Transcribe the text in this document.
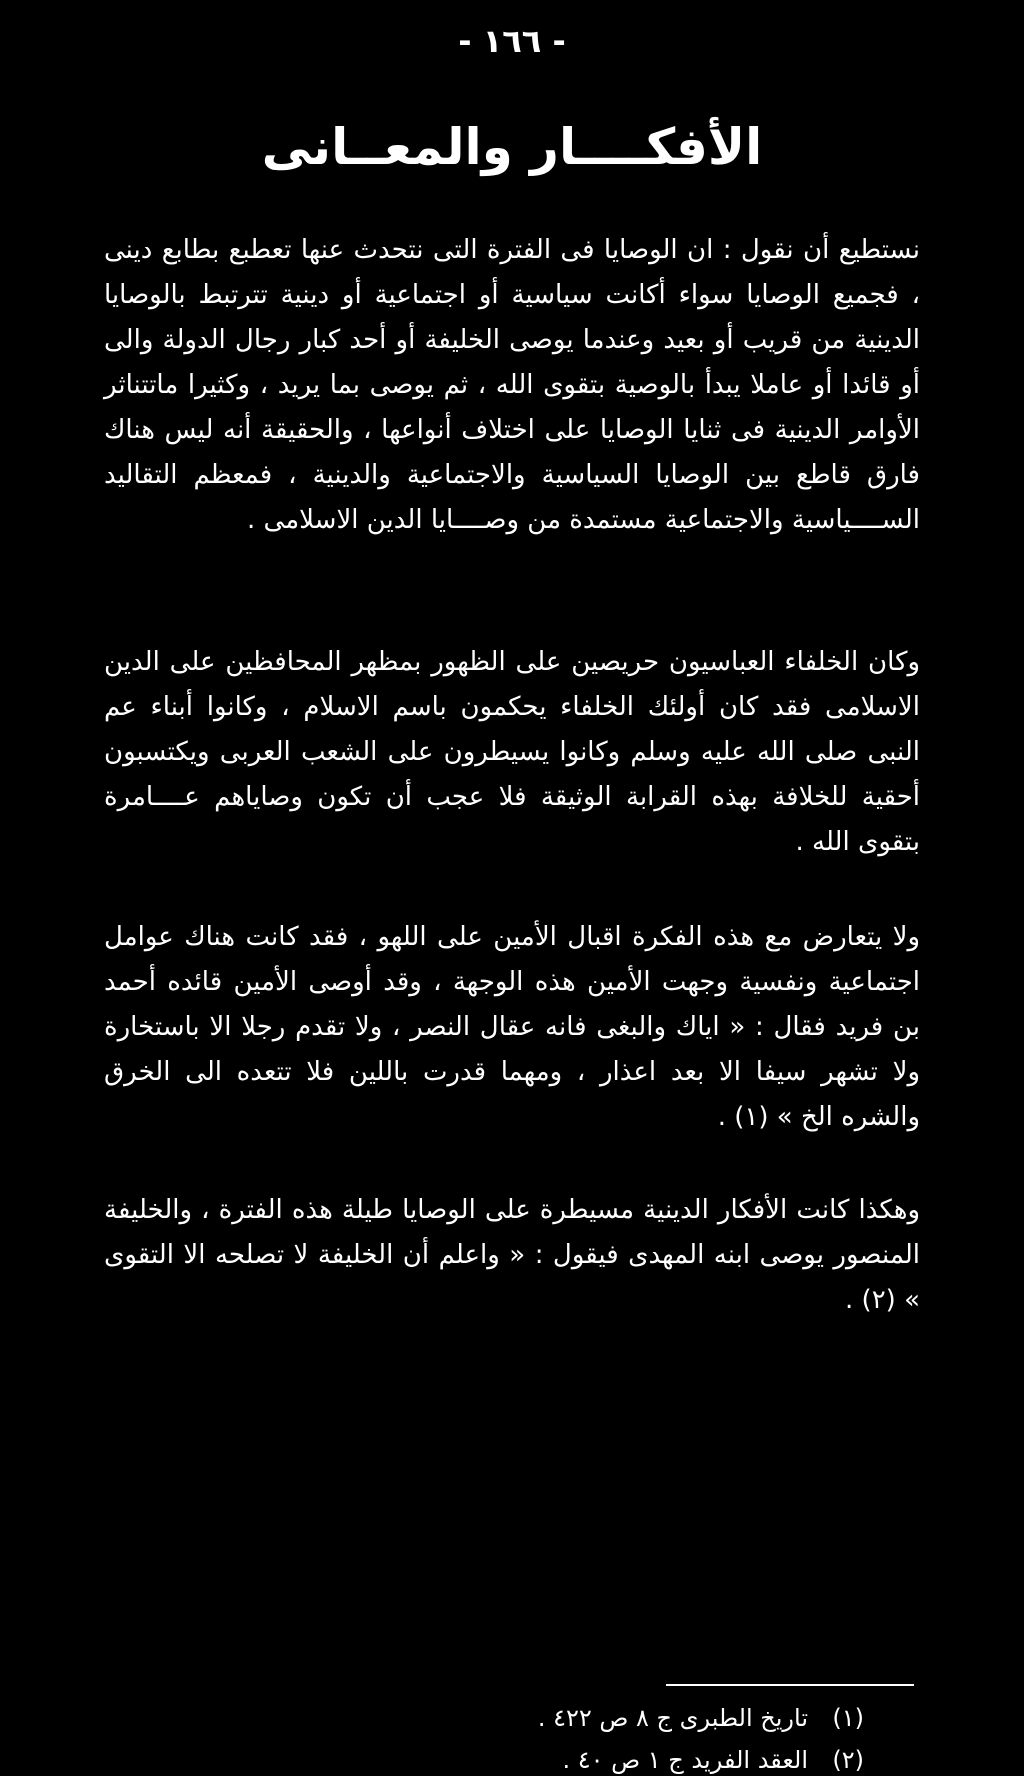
- ١٦٦ -
الأفكــــار والمعــانى

نستطيع أن نقول : ان الوصايا فى الفترة التى نتحدث عنها تعطبع بطابع دينى ، فجميع الوصايا سواء أكانت سياسية أو اجتماعية أو دينية تترتبط بالوصايا الدينية من قريب أو بعيد وعندما يوصى الخليفة أو أحد كبار رجال الدولة والى أو قائدا أو عاملا يبدأ بالوصية بتقوى الله ، ثم يوصى بما يريد ، وكثيرا ماتتناثر الأوامر الدينية فى ثنايا الوصايا على اختلاف أنواعها ، والحقيقة أنه ليس هناك فارق قاطع بين الوصايا السياسية والاجتماعية والدينية ، فمعظم التقاليد الســــياسية والاجتماعية مستمدة من وصــــايا الدين الاسلامى .

وكان الخلفاء العباسيون حريصين على الظهور بمظهر المحافظين على الدين الاسلامى فقد كان أولئك الخلفاء يحكمون باسم الاسلام ، وكانوا أبناء عم النبى صلى الله عليه وسلم وكانوا يسيطرون على الشعب العربى ويكتسبون أحقية للخلافة بهذه القرابة الوثيقة فلا عجب أن تكون وصاياهم عــــامرة بتقوى الله .

ولا يتعارض مع هذه الفكرة اقبال الأمين على اللهو ، فقد كانت هناك عوامل اجتماعية ونفسية وجهت الأمين هذه الوجهة ، وقد أوصى الأمين قائده أحمد بن فريد فقال : « اياك والبغى فانه عقال النصر ، ولا تقدم رجلا الا باستخارة ولا تشهر سيفا الا بعد اعذار ، ومهما قدرت باللين فلا تتعده الى الخرق والشره الخ » (١) .

وهكذا كانت الأفكار الدينية مسيطرة على الوصايا طيلة هذه الفترة ، والخليفة المنصور يوصى ابنه المهدى فيقول : « واعلم أن الخليفة لا تصلحه الا التقوى » (٢) .

(١)
تاريخ الطبرى ج ٨ ص ٤٢٢ .
(٢)
العقد الفريد ج ١ ص ٤٠ .
